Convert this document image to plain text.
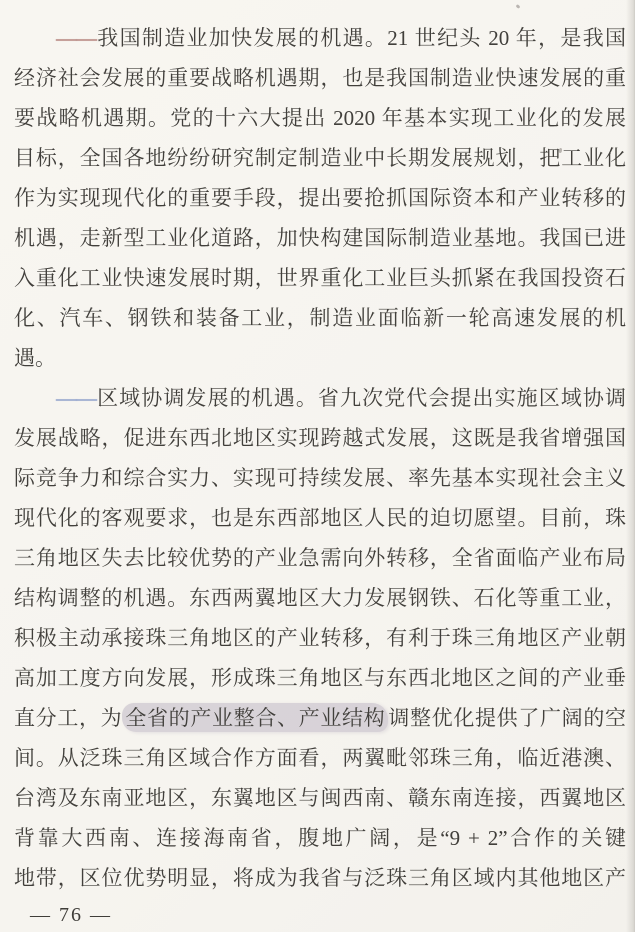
——我国制造业加快发展的机遇。21 世纪头 20 年，是我国
经济社会发展的重要战略机遇期，也是我国制造业快速发展的重
要战略机遇期。党的十六大提出 2020 年基本实现工业化的发展
目标，全国各地纷纷研究制定制造业中长期发展规划，把工业化
作为实现现代化的重要手段，提出要抢抓国际资本和产业转移的
机遇，走新型工业化道路，加快构建国际制造业基地。我国已进
入重化工业快速发展时期，世界重化工业巨头抓紧在我国投资石
化、汽车、钢铁和装备工业，制造业面临新一轮高速发展的机
遇。
——区域协调发展的机遇。省九次党代会提出实施区域协调
发展战略，促进东西北地区实现跨越式发展，这既是我省增强国
际竞争力和综合实力、实现可持续发展、率先基本实现社会主义
现代化的客观要求，也是东西部地区人民的迫切愿望。目前，珠
三角地区失去比较优势的产业急需向外转移，全省面临产业布局
结构调整的机遇。东西两翼地区大力发展钢铁、石化等重工业，
积极主动承接珠三角地区的产业转移，有利于珠三角地区产业朝
高加工度方向发展，形成珠三角地区与东西北地区之间的产业垂
直分工，为 全省的产业整合、产业结构 调整优化提供了广阔的空
间。从泛珠三角区域合作方面看，两翼毗邻珠三角，临近港澳、
台湾及东南亚地区，东翼地区与闽西南、赣东南连接，西翼地区
背靠大西南、连接海南省，腹地广阔，是“9 + 2”合作的关键
地带，区位优势明显，将成为我省与泛珠三角区域内其他地区产
— 76 —
